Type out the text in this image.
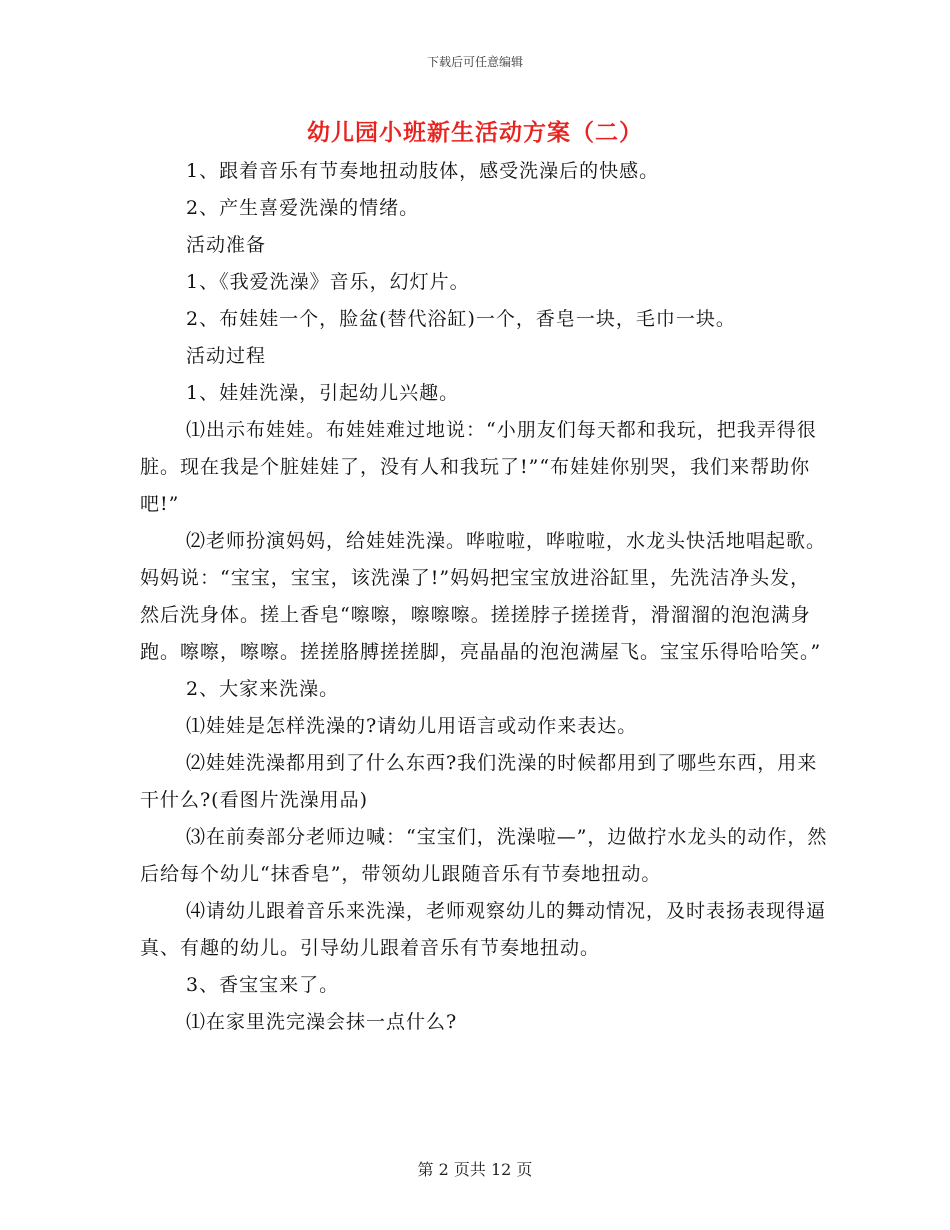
下载后可任意编辑
幼儿园小班新生活动方案（二）

1、跟着音乐有节奏地扭动肢体，感受洗澡后的快感。

2、产生喜爱洗澡的情绪。

活动准备

1、《我爱洗澡》音乐，幻灯片。

2、布娃娃一个，脸盆(替代浴缸)一个，香皂一块，毛巾一块。

活动过程

1、娃娃洗澡，引起幼儿兴趣。

⑴出示布娃娃。布娃娃难过地说：“小朋友们每天都和我玩，把我弄得很脏。现在我是个脏娃娃了，没有人和我玩了!”“布娃娃你别哭，我们来帮助你吧!”

⑵老师扮演妈妈，给娃娃洗澡。哗啦啦，哗啦啦，水龙头快活地唱起歌。妈妈说：“宝宝，宝宝，该洗澡了!”妈妈把宝宝放进浴缸里，先洗洁净头发，然后洗身体。搓上香皂“嚓嚓，嚓嚓嚓。搓搓脖子搓搓背，滑溜溜的泡泡满身跑。嚓嚓，嚓嚓。搓搓胳膊搓搓脚，亮晶晶的泡泡满屋飞。宝宝乐得哈哈笑。”

2、大家来洗澡。

⑴娃娃是怎样洗澡的?请幼儿用语言或动作来表达。

⑵娃娃洗澡都用到了什么东西?我们洗澡的时候都用到了哪些东西，用来干什么?(看图片洗澡用品)

⑶在前奏部分老师边喊：“宝宝们，洗澡啦—”，边做拧水龙头的动作，然后给每个幼儿“抹香皂”，带领幼儿跟随音乐有节奏地扭动。

⑷请幼儿跟着音乐来洗澡，老师观察幼儿的舞动情况，及时表扬表现得逼真、有趣的幼儿。引导幼儿跟着音乐有节奏地扭动。

3、香宝宝来了。

⑴在家里洗完澡会抹一点什么?

第 2 页共 12 页
